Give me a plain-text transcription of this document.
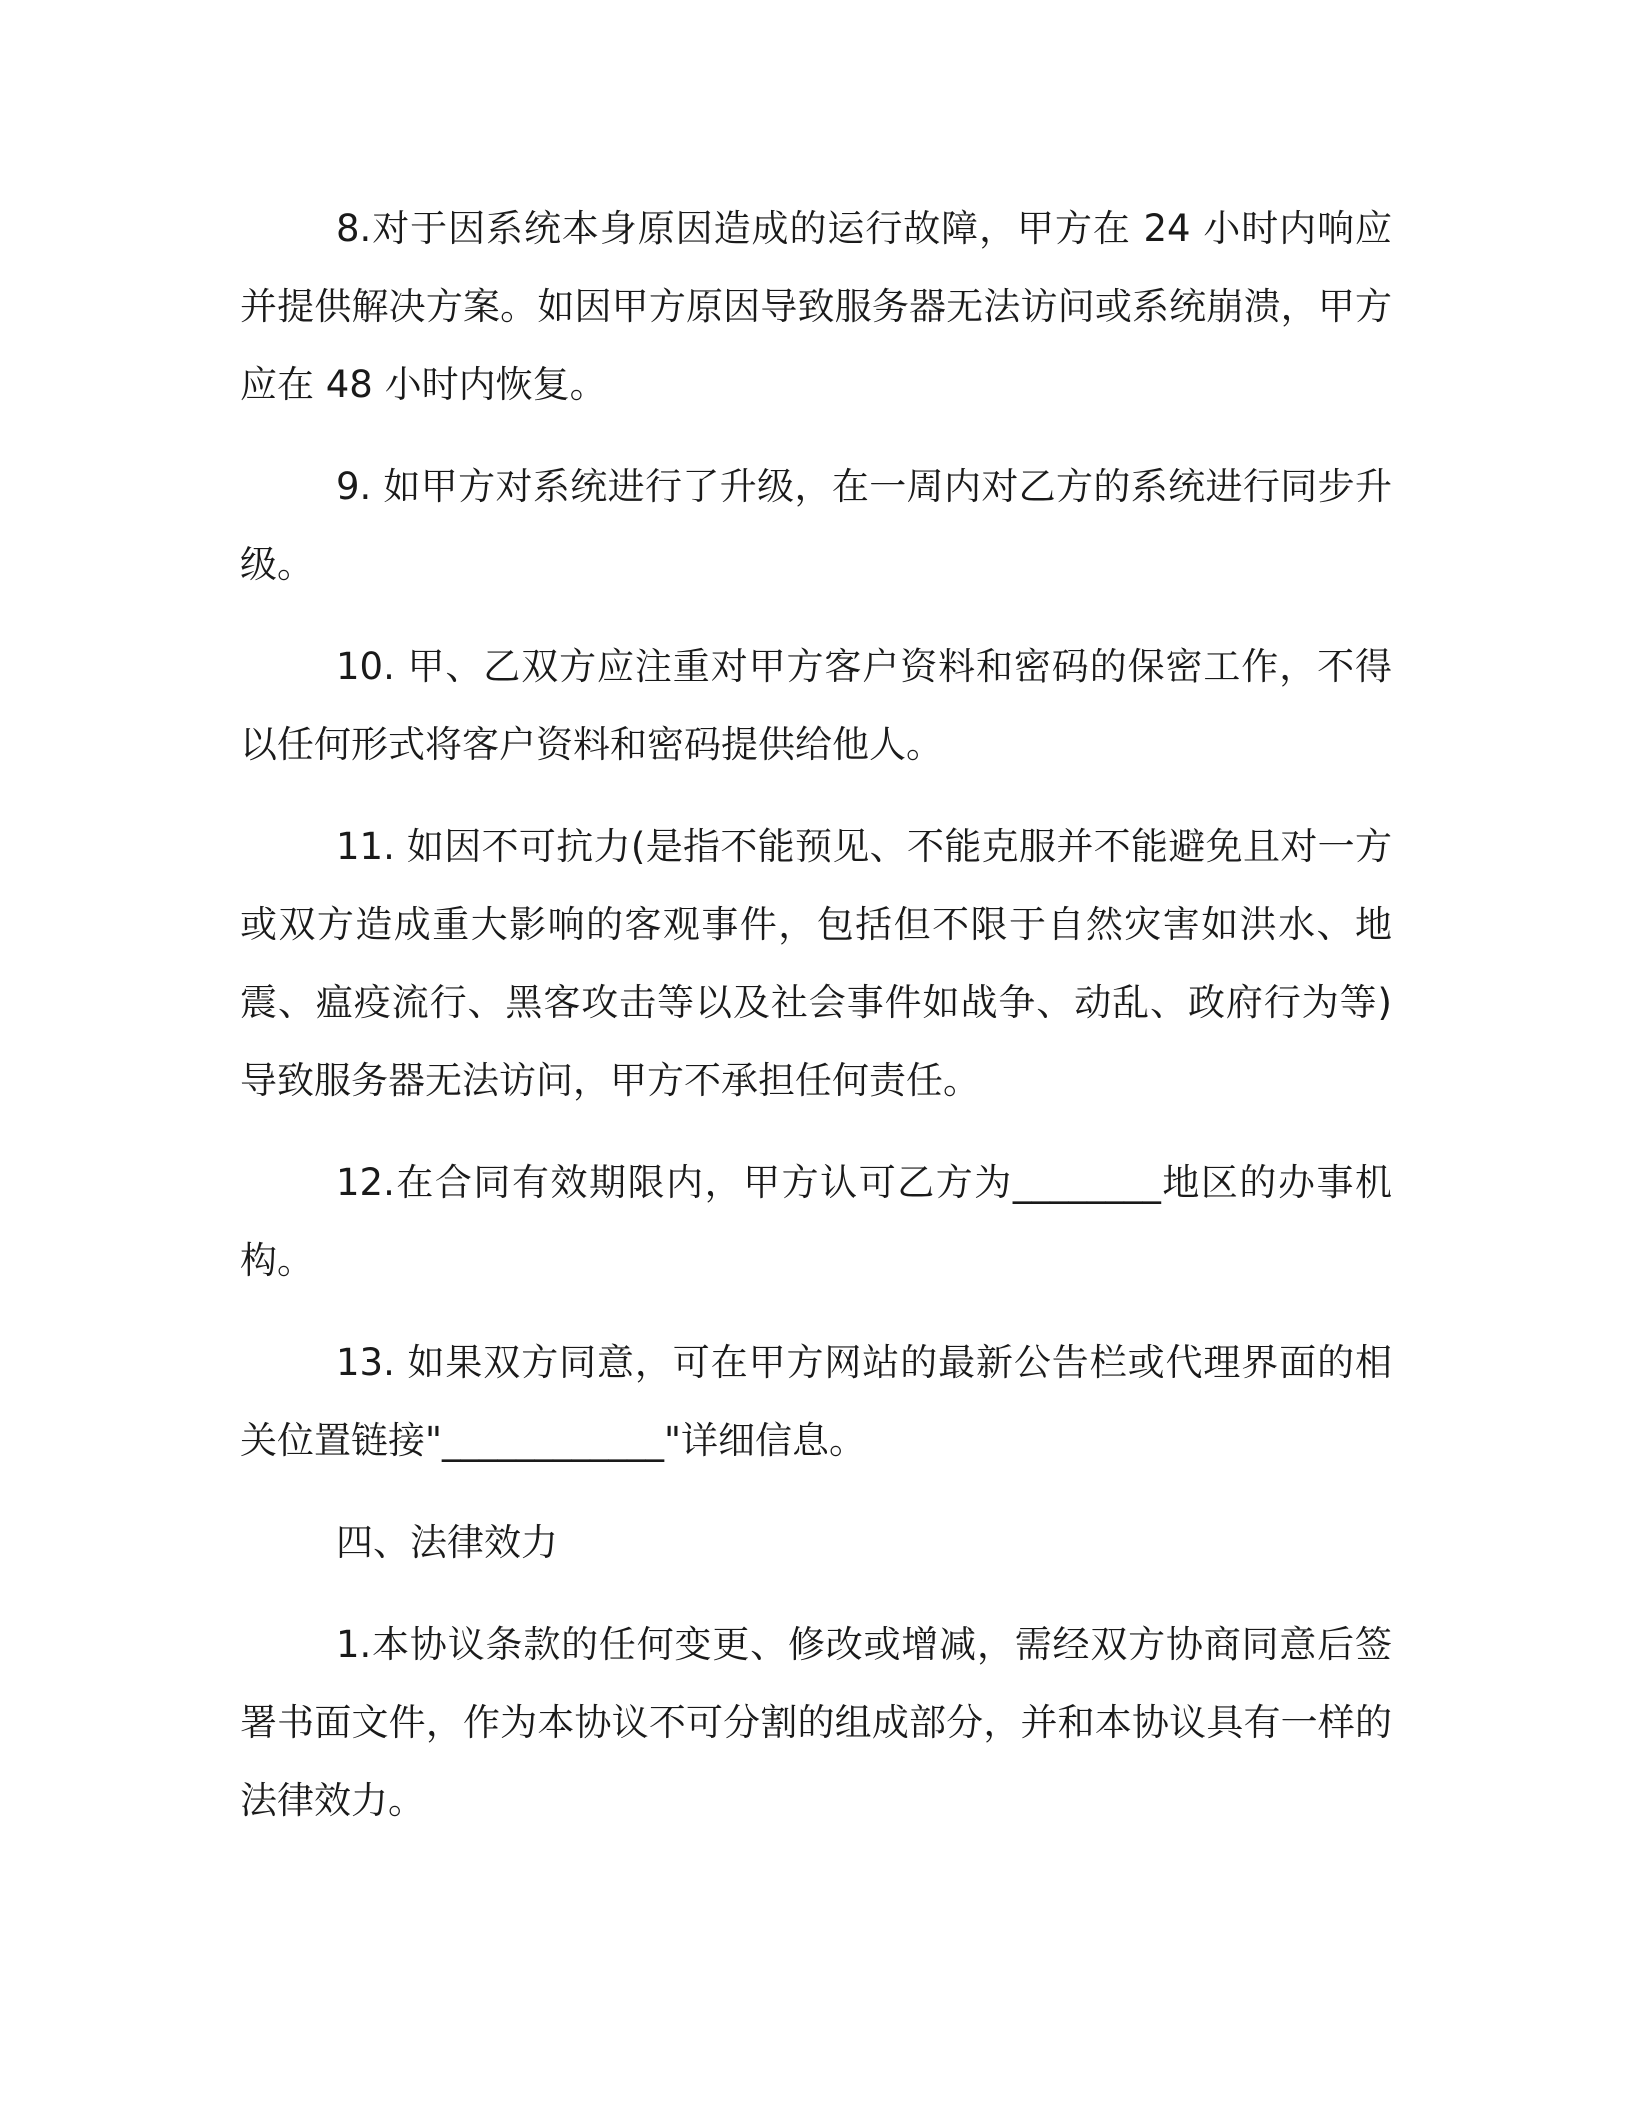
8.对于因系统本身原因造成的运行故障，甲方在 24 小时内响应并提供解决方案。如因甲方原因导致服务器无法访问或系统崩溃，甲方应在 48 小时内恢复。

9. 如甲方对系统进行了升级，在一周内对乙方的系统进行同步升级。

10. 甲、乙双方应注重对甲方客户资料和密码的保密工作，不得以任何形式将客户资料和密码提供给他人。

11. 如因不可抗力(是指不能预见、不能克服并不能避免且对一方或双方造成重大影响的客观事件，包括但不限于自然灾害如洪水、地震、瘟疫流行、黑客攻击等以及社会事件如战争、动乱、政府行为等)导致服务器无法访问，甲方不承担任何责任。

12.在合同有效期限内，甲方认可乙方为________地区的办事机构。

13. 如果双方同意，可在甲方网站的最新公告栏或代理界面的相关位置链接"____________"详细信息。

四、法律效力

1.本协议条款的任何变更、修改或增减，需经双方协商同意后签署书面文件，作为本协议不可分割的组成部分，并和本协议具有一样的法律效力。
